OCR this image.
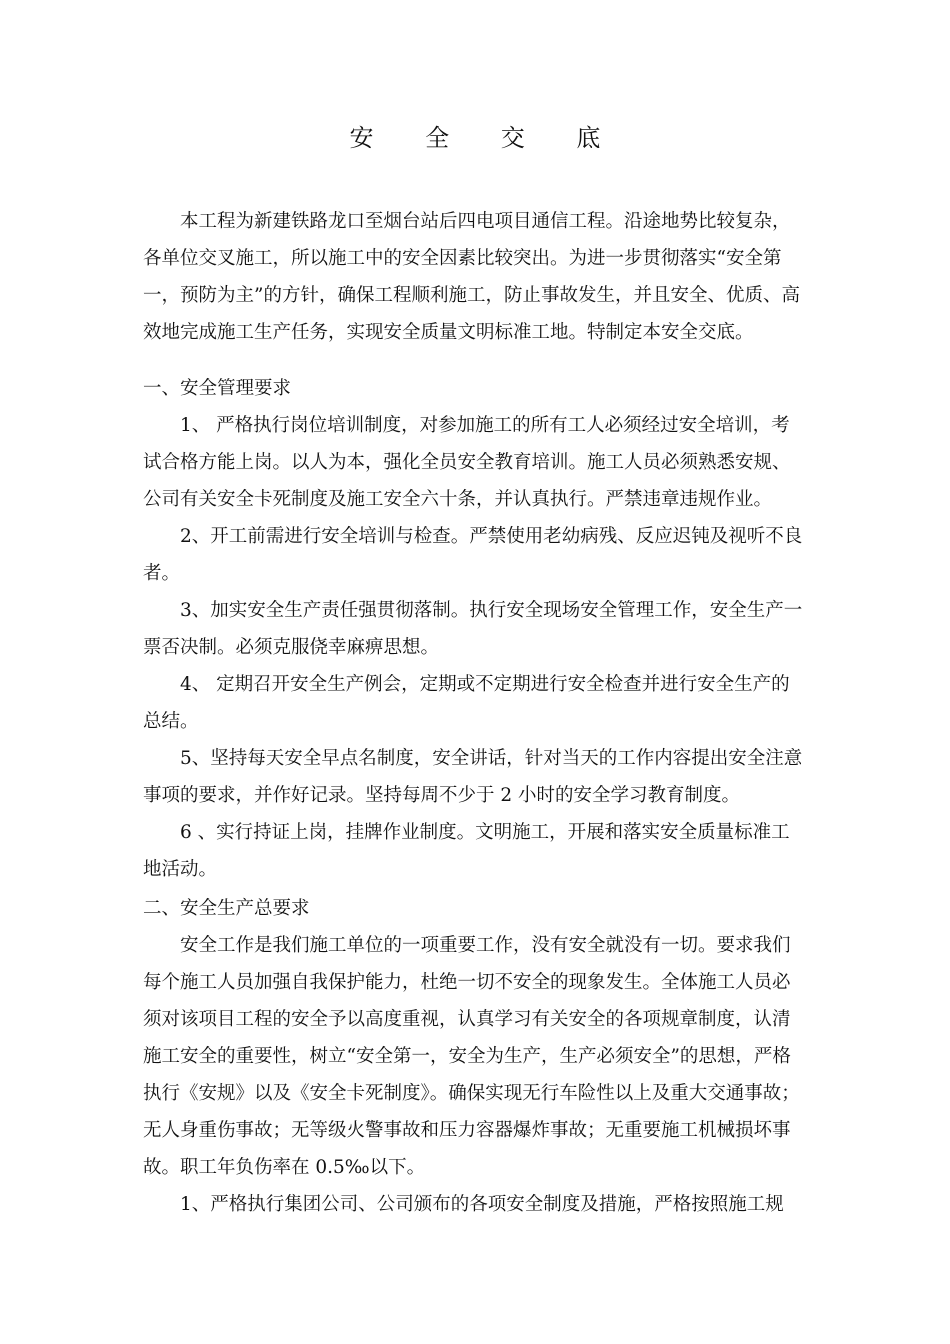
安 全 交 底

本工程为新建铁路龙口至烟台站后四电项目通信工程。沿途地势比较复杂，各单位交叉施工，所以施工中的安全因素比较突出。为进一步贯彻落实“安全第一，预防为主”的方针，确保工程顺利施工，防止事故发生，并且安全、优质、高效地完成施工生产任务，实现安全质量文明标准工地。特制定本安全交底。

一、安全管理要求

1、 严格执行岗位培训制度，对参加施工的所有工人必须经过安全培训，考试合格方能上岗。以人为本，强化全员安全教育培训。施工人员必须熟悉安规、公司有关安全卡死制度及施工安全六十条，并认真执行。严禁违章违规作业。

2、开工前需进行安全培训与检查。严禁使用老幼病残、反应迟钝及视听不良者。

3、加实安全生产责任强贯彻落制。执行安全现场安全管理工作，安全生产一票否决制。必须克服侥幸麻痹思想。

4、 定期召开安全生产例会，定期或不定期进行安全检查并进行安全生产的总结。

5、坚持每天安全早点名制度，安全讲话，针对当天的工作内容提出安全注意事项的要求，并作好记录。坚持每周不少于 2 小时的安全学习教育制度。

6 、实行持证上岗，挂牌作业制度。文明施工，开展和落实安全质量标准工地活动。

二、安全生产总要求

安全工作是我们施工单位的一项重要工作，没有安全就没有一切。要求我们每个施工人员加强自我保护能力，杜绝一切不安全的现象发生。全体施工人员必须对该项目工程的安全予以高度重视，认真学习有关安全的各项规章制度，认清施工安全的重要性，树立“安全第一，安全为生产，生产必须安全”的思想，严格执行《安规》以及《安全卡死制度》。确保实现无行车险性以上及重大交通事故；无人身重伤事故；无等级火警事故和压力容器爆炸事故；无重要施工机械损坏事故。职工年负伤率在 0.5‰以下。

1、严格执行集团公司、公司颁布的各项安全制度及措施，严格按照施工规
